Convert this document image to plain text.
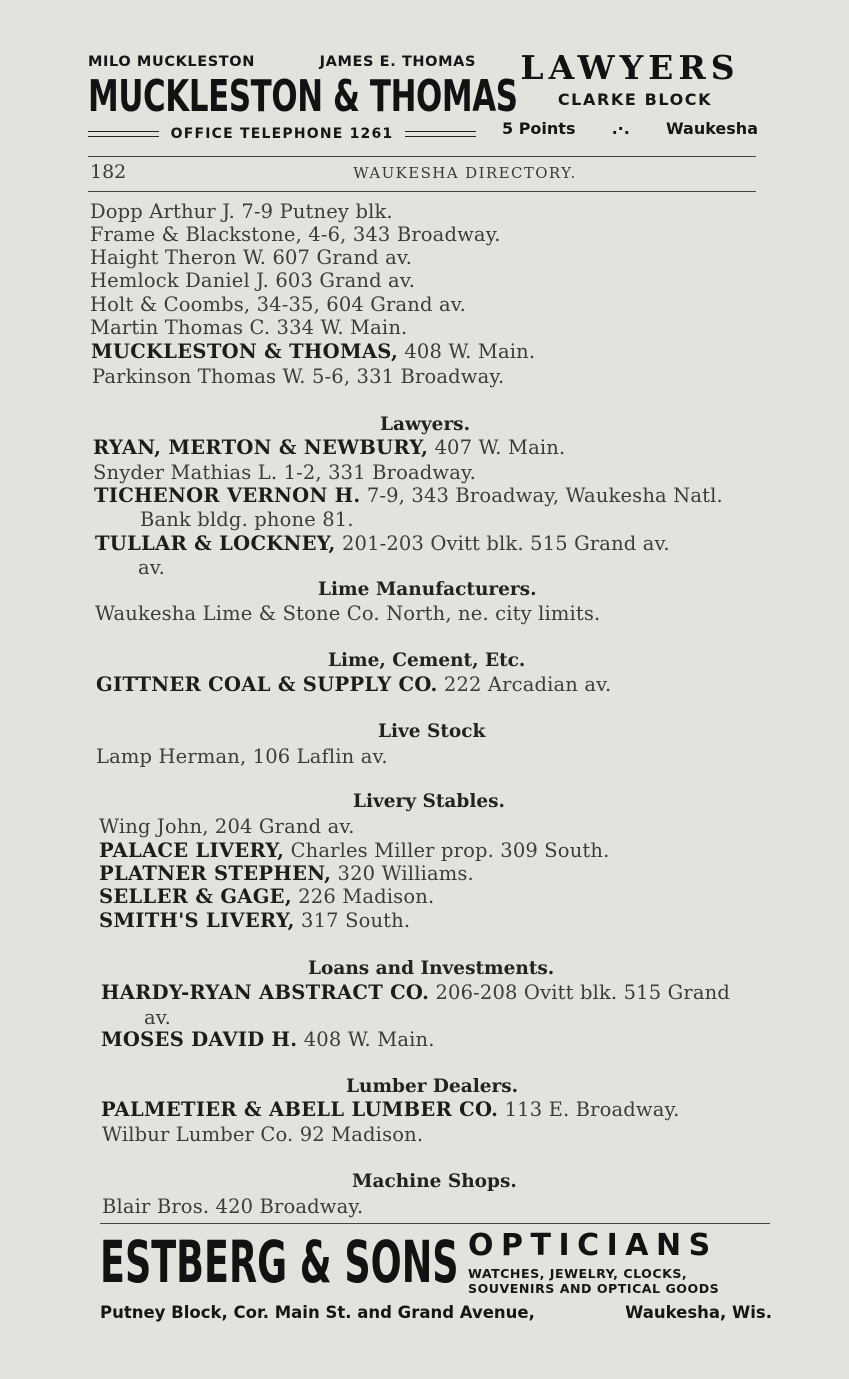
MILO MUCKLESTON	JAMES E. THOMAS
MUCKLESTON & THOMAS
OFFICE TELEPHONE 1261
LAWYERS
CLARKE BLOCK
5 Points .·. Waukesha
182	WAUKESHA DIRECTORY.
Dopp Arthur J. 7-9 Putney blk.
Frame & Blackstone, 4-6, 343 Broadway.
Haight Theron W. 607 Grand av.
Hemlock Daniel J. 603 Grand av.
Holt & Coombs, 34-35, 604 Grand av.
Martin Thomas C. 334 W. Main.
MUCKLESTON & THOMAS, 408 W. Main.
Parkinson Thomas W. 5-6, 331 Broadway.
Lawyers.
RYAN, MERTON & NEWBURY, 407 W. Main.
Snyder Mathias L. 1-2, 331 Broadway.
TICHENOR VERNON H. 7-9, 343 Broadway, Waukesha Natl.
Bank bldg. phone 81.
TULLAR & LOCKNEY, 201-203 Ovitt blk. 515 Grand av.
av.
Lime Manufacturers.
Waukesha Lime & Stone Co. North, ne. city limits.
Lime, Cement, Etc.
GITTNER COAL & SUPPLY CO. 222 Arcadian av.
Live Stock
Lamp Herman, 106 Laflin av.
Livery Stables.
Wing John, 204 Grand av.
PALACE LIVERY, Charles Miller prop. 309 South.
PLATNER STEPHEN, 320 Williams.
SELLER & GAGE, 226 Madison.
SMITH'S LIVERY, 317 South.
Loans and Investments.
HARDY-RYAN ABSTRACT CO. 206-208 Ovitt blk. 515 Grand
av.
MOSES DAVID H. 408 W. Main.
Lumber Dealers.
PALMETIER & ABELL LUMBER CO. 113 E. Broadway.
Wilbur Lumber Co. 92 Madison.
Machine Shops.
Blair Bros. 420 Broadway.
ESTBERG & SONS OPTICIANS
WATCHES, JEWELRY, CLOCKS,
SOUVENIRS AND OPTICAL GOODS
Putney Block, Cor. Main St. and Grand Avenue,	Waukesha, Wis.
